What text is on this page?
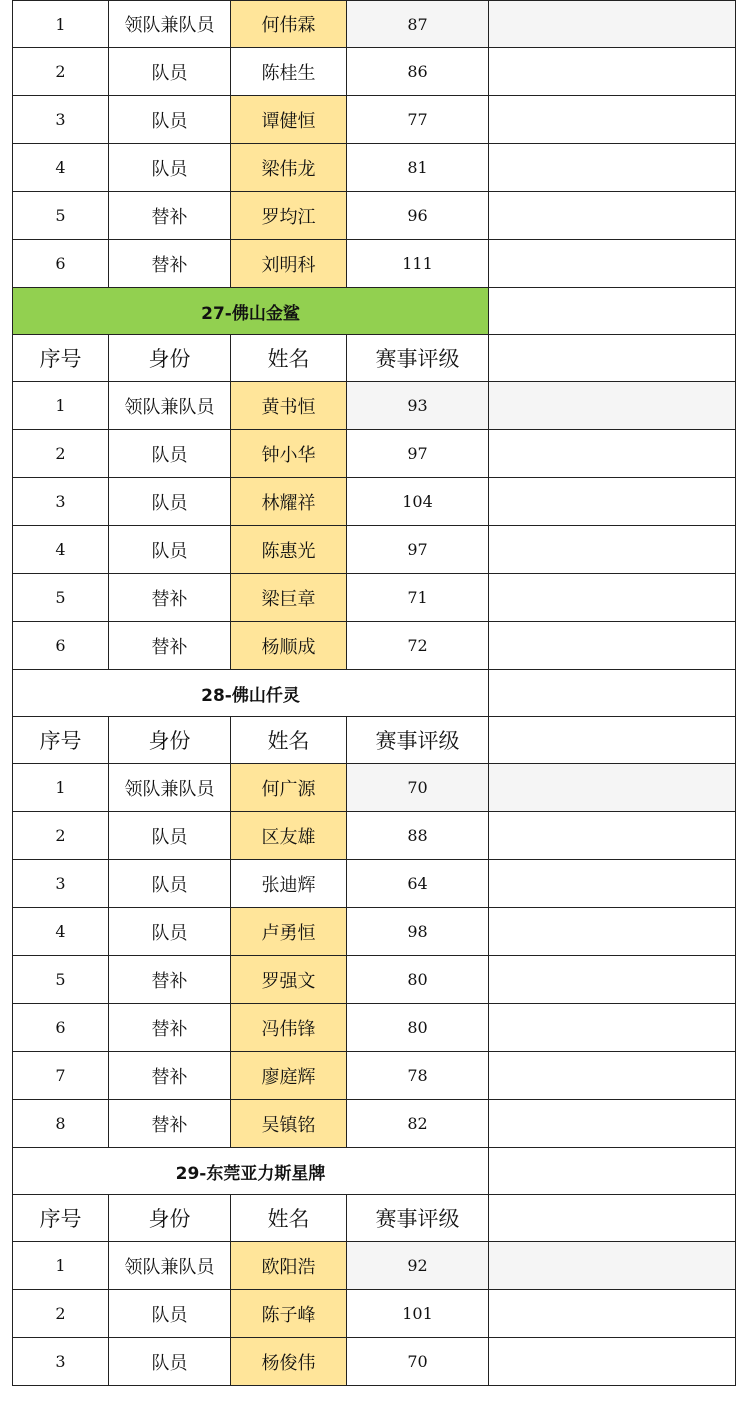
1	领队兼队员	何伟霖	87
2	队员	陈桂生	86
3	队员	谭健恒	77
4	队员	梁伟龙	81
5	替补	罗均江	96
6	替补	刘明科	111
27-佛山金鲨
序号	身份	姓名	赛事评级
1	领队兼队员	黄书恒	93
2	队员	钟小华	97
3	队员	林耀祥	104
4	队员	陈惠光	97
5	替补	梁巨章	71
6	替补	杨顺成	72
28-佛山仟灵
序号	身份	姓名	赛事评级
1	领队兼队员	何广源	70
2	队员	区友雄	88
3	队员	张迪辉	64
4	队员	卢勇恒	98
5	替补	罗强文	80
6	替补	冯伟锋	80
7	替补	廖庭辉	78
8	替补	吴镇铭	82
29-东莞亚力斯星牌
序号	身份	姓名	赛事评级
1	领队兼队员	欧阳浩	92
2	队员	陈子峰	101
3	队员	杨俊伟	70
